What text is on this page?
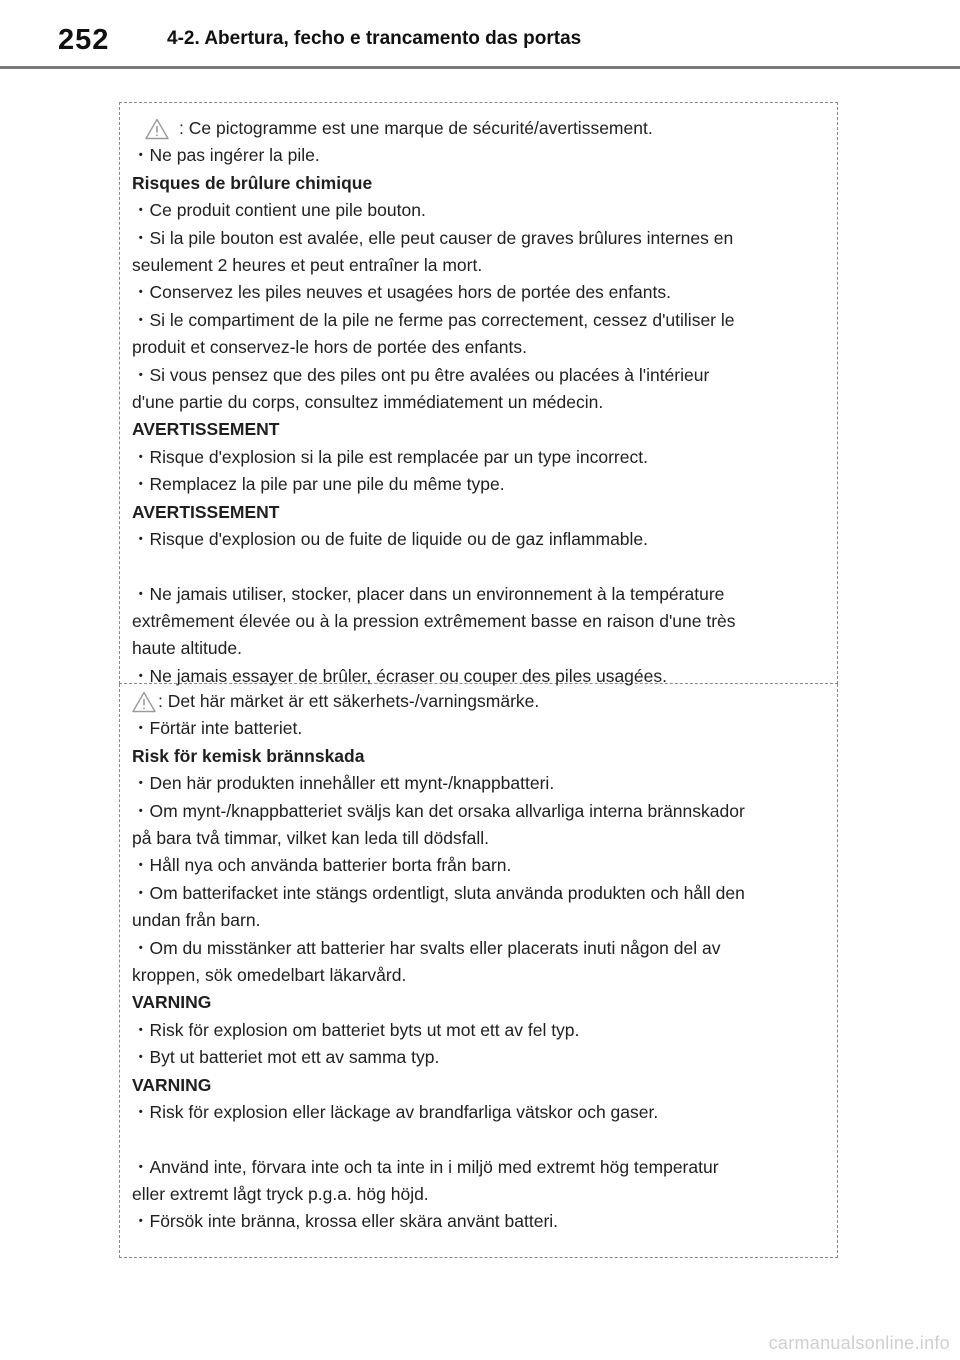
252	4-2. Abertura, fecho e trancamento das portas
: Ce pictogramme est une marque de sécurité/avertissement.
・Ne pas ingérer la pile.
Risques de brûlure chimique
・Ce produit contient une pile bouton.
・Si la pile bouton est avalée, elle peut causer de graves brûlures internes en
seulement 2 heures et peut entraîner la mort.
・Conservez les piles neuves et usagées hors de portée des enfants.
・Si le compartiment de la pile ne ferme pas correctement, cessez d'utiliser le
produit et conservez-le hors de portée des enfants.
・Si vous pensez que des piles ont pu être avalées ou placées à l'intérieur
d'une partie du corps, consultez immédiatement un médecin.
AVERTISSEMENT
・Risque d'explosion si la pile est remplacée par un type incorrect.
・Remplacez la pile par une pile du même type.
AVERTISSEMENT
・Risque d'explosion ou de fuite de liquide ou de gaz inflammable.
・Ne jamais utiliser, stocker, placer dans un environnement à la température
extrêmement élevée ou à la pression extrêmement basse en raison d'une très
haute altitude.
・Ne jamais essayer de brûler, écraser ou couper des piles usagées.
: Det här märket är ett säkerhets-/varningsmärke.
・Förtär inte batteriet.
Risk för kemisk brännskada
・Den här produkten innehåller ett mynt-/knappbatteri.
・Om mynt-/knappbatteriet sväljs kan det orsaka allvarliga interna brännskador
på bara två timmar, vilket kan leda till dödsfall.
・Håll nya och använda batterier borta från barn.
・Om batterifacket inte stängs ordentligt, sluta använda produkten och håll den
undan från barn.
・Om du misstänker att batterier har svalts eller placerats inuti någon del av
kroppen, sök omedelbart läkarvård.
VARNING
・Risk för explosion om batteriet byts ut mot ett av fel typ.
・Byt ut batteriet mot ett av samma typ.
VARNING
・Risk för explosion eller läckage av brandfarliga vätskor och gaser.
・Använd inte, förvara inte och ta inte in i miljö med extremt hög temperatur
eller extremt lågt tryck p.g.a. hög höjd.
・Försök inte bränna, krossa eller skära använt batteri.
carmanualsonline.info
